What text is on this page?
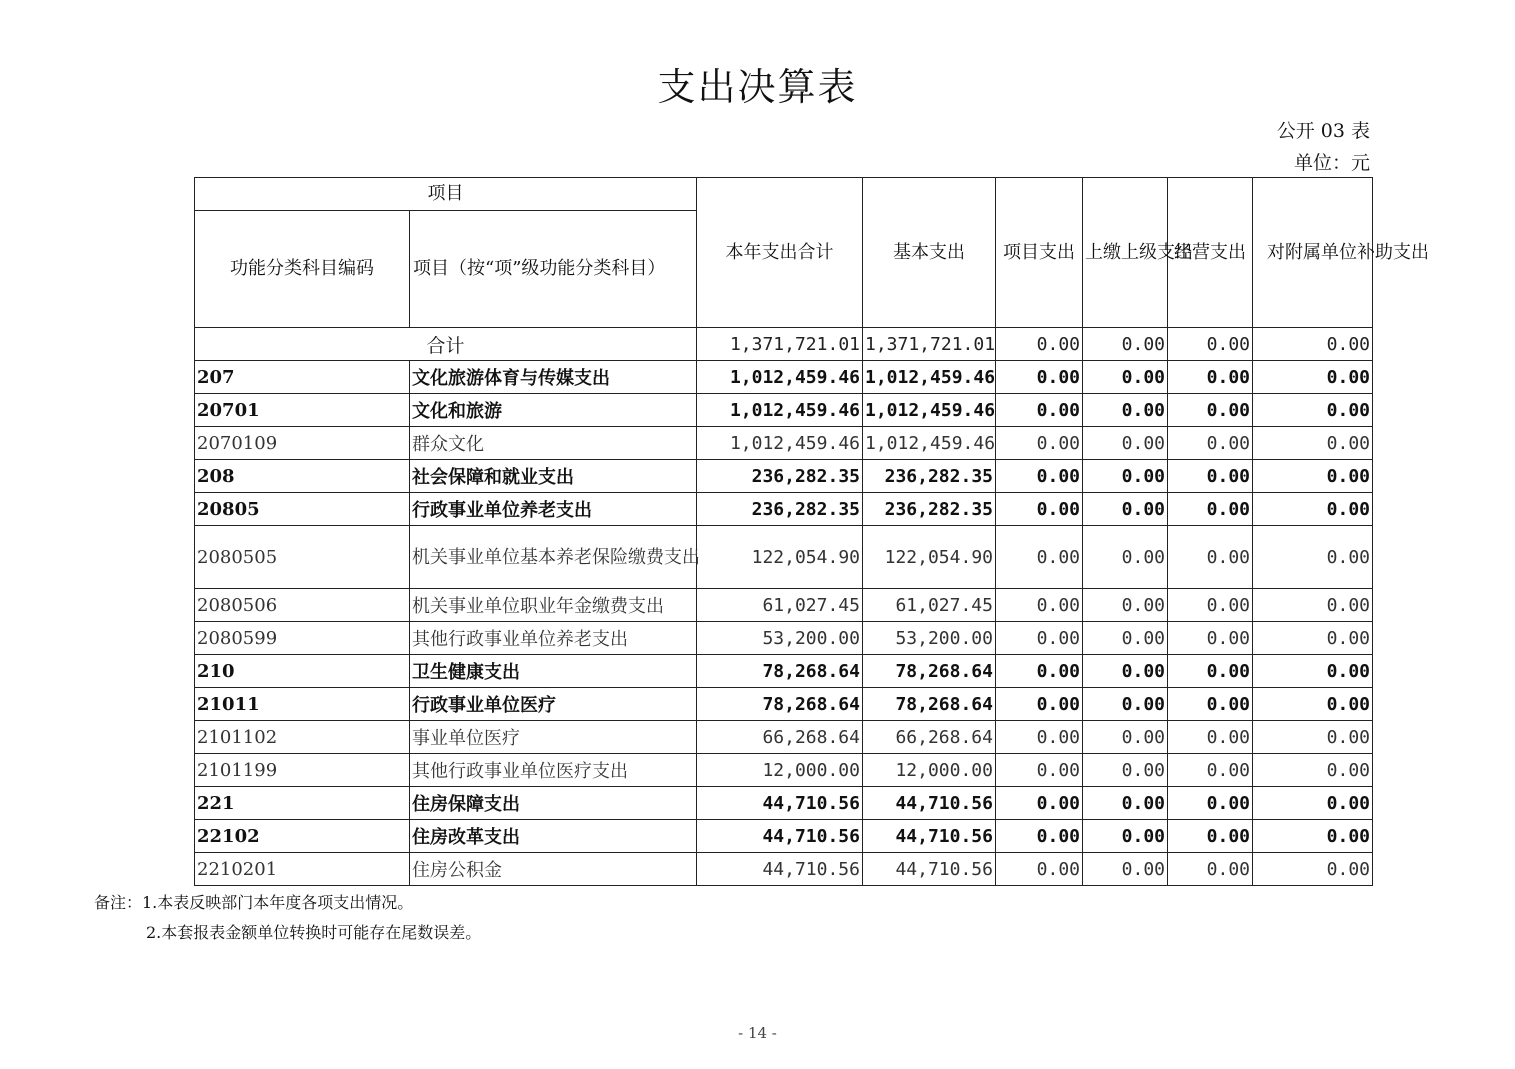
支出决算表
公开 03 表
单位：元
项目		本年支出合计	基本支出	项目支出	上缴上级支出	经营支出	对附属单位补助支出
功能分类科目编码	项目（按“项”级功能分类科目）						
合计		1,371,721.01	1,371,721.01	0.00	0.00	0.00	0.00
207	文化旅游体育与传媒支出	1,012,459.46	1,012,459.46	0.00	0.00	0.00	0.00
20701	文化和旅游	1,012,459.46	1,012,459.46	0.00	0.00	0.00	0.00
2070109	群众文化	1,012,459.46	1,012,459.46	0.00	0.00	0.00	0.00
208	社会保障和就业支出	236,282.35	236,282.35	0.00	0.00	0.00	0.00
20805	行政事业单位养老支出	236,282.35	236,282.35	0.00	0.00	0.00	0.00
2080505	机关事业单位基本养老保险缴费支出	122,054.90	122,054.90	0.00	0.00	0.00	0.00
2080506	机关事业单位职业年金缴费支出	61,027.45	61,027.45	0.00	0.00	0.00	0.00
2080599	其他行政事业单位养老支出	53,200.00	53,200.00	0.00	0.00	0.00	0.00
210	卫生健康支出	78,268.64	78,268.64	0.00	0.00	0.00	0.00
21011	行政事业单位医疗	78,268.64	78,268.64	0.00	0.00	0.00	0.00
2101102	事业单位医疗	66,268.64	66,268.64	0.00	0.00	0.00	0.00
2101199	其他行政事业单位医疗支出	12,000.00	12,000.00	0.00	0.00	0.00	0.00
221	住房保障支出	44,710.56	44,710.56	0.00	0.00	0.00	0.00
22102	住房改革支出	44,710.56	44,710.56	0.00	0.00	0.00	0.00
2210201	住房公积金	44,710.56	44,710.56	0.00	0.00	0.00	0.00
备注：1.本表反映部门本年度各项支出情况。
2.本套报表金额单位转换时可能存在尾数误差。
- 14 -
